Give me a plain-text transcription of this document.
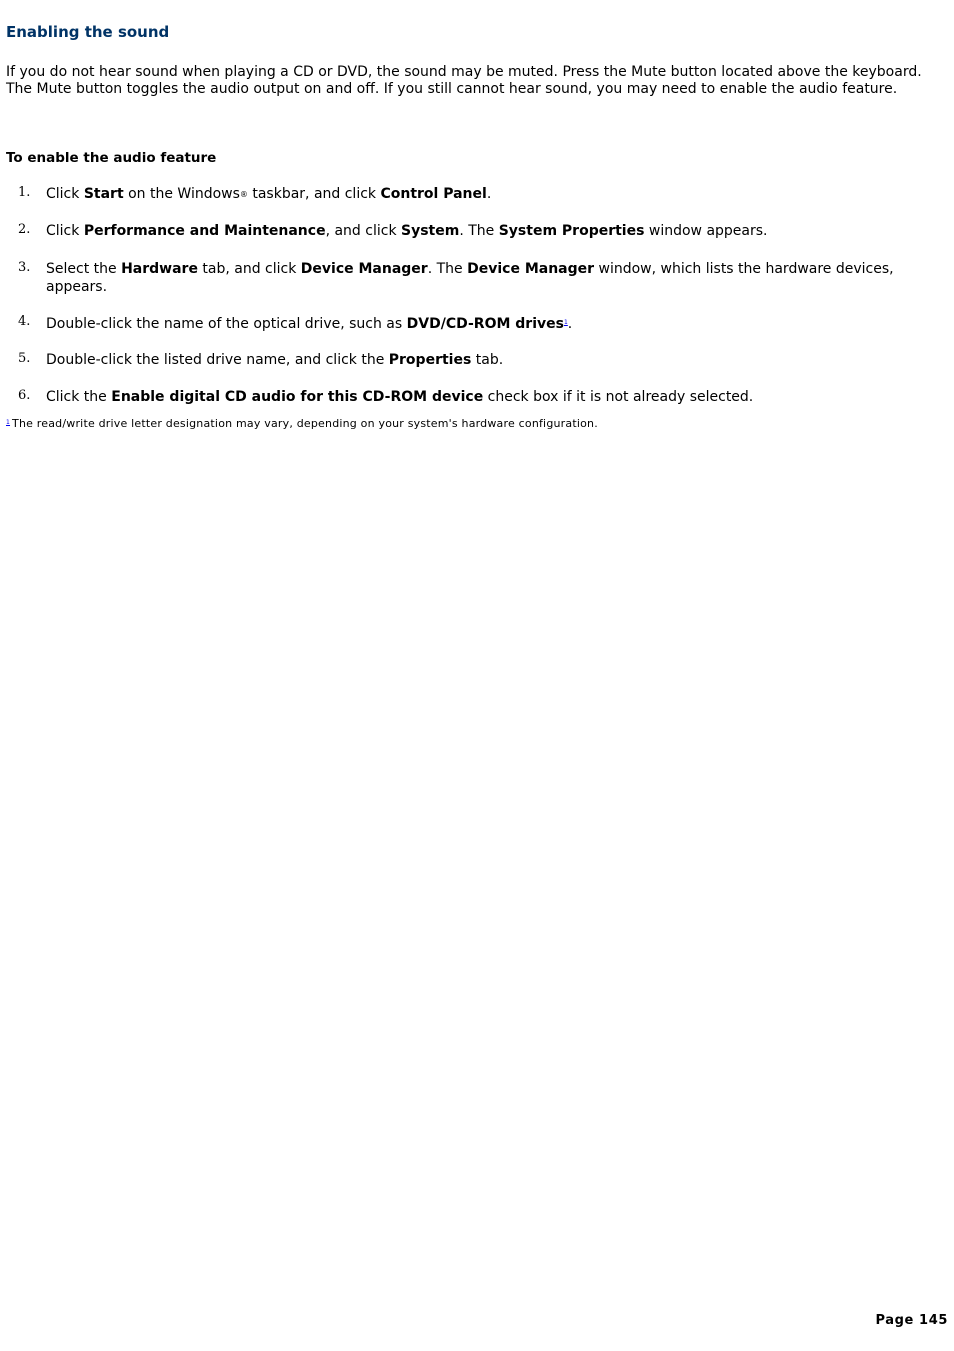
Enabling the sound

If you do not hear sound when playing a CD or DVD, the sound may be muted. Press the Mute button located above the keyboard. The Mute button toggles the audio output on and off. If you still cannot hear sound, you may need to enable the audio feature.

To enable the audio feature

1. Click Start on the Windows® taskbar, and click Control Panel.
2. Click Performance and Maintenance, and click System. The System Properties window appears.
3. Select the Hardware tab, and click Device Manager. The Device Manager window, which lists the hardware devices, appears.
4. Double-click the name of the optical drive, such as DVD/CD-ROM drives$^1$.
5. Double-click the listed drive name, and click the Properties tab.
6. Click the Enable digital CD audio for this CD-ROM device check box if it is not already selected.
$^1$ The read/write drive letter designation may vary, depending on your system's hardware configuration.
Page 145
